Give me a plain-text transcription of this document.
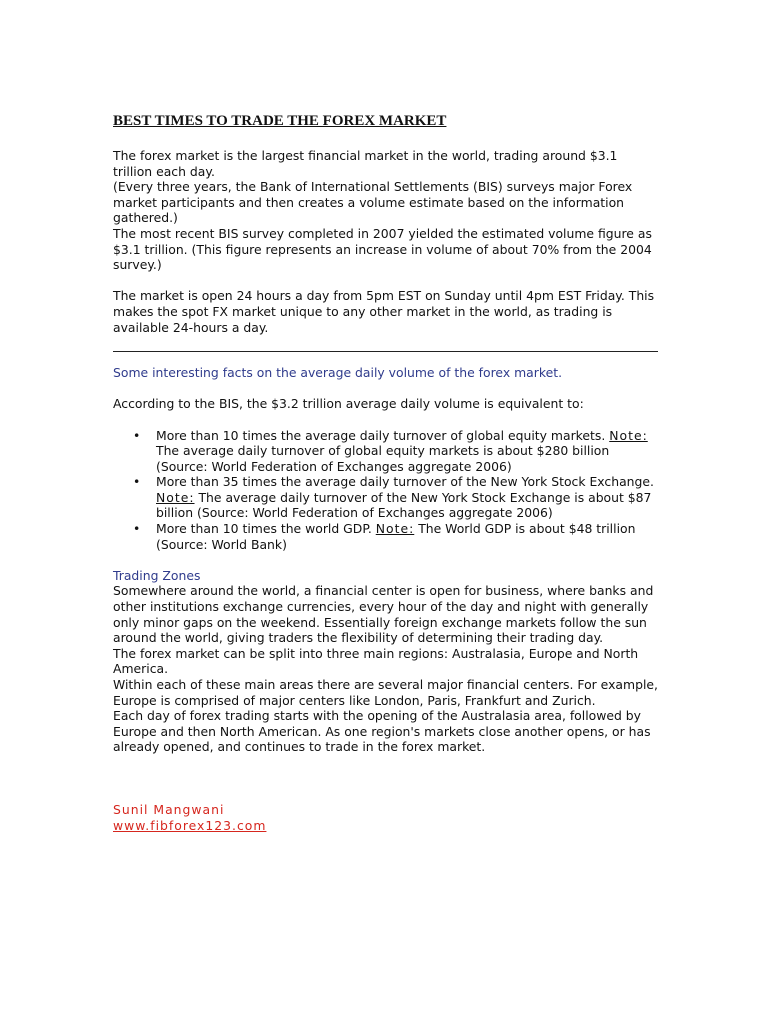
BEST TIMES TO TRADE THE FOREX MARKET

The forex market is the largest financial market in the world, trading around $3.1 trillion each day.

(Every three years, the Bank of International Settlements (BIS) surveys major Forex market participants and then creates a volume estimate based on the information gathered.)

The most recent BIS survey completed in 2007 yielded the estimated volume figure as $3.1 trillion. (This figure represents an increase in volume of about 70% from the 2004 survey.)

The market is open 24 hours a day from 5pm EST on Sunday until 4pm EST Friday. This makes the spot FX market unique to any other market in the world, as trading is available 24-hours a day.

Some interesting facts on the average daily volume of the forex market.

According to the BIS, the $3.2 trillion average daily volume is equivalent to:

• More than 10 times the average daily turnover of global equity markets. Note: The average daily turnover of global equity markets is about $280 billion (Source: World Federation of Exchanges aggregate 2006)
• More than 35 times the average daily turnover of the New York Stock Exchange. Note: The average daily turnover of the New York Stock Exchange is about $87 billion (Source: World Federation of Exchanges aggregate 2006)
• More than 10 times the world GDP. Note: The World GDP is about $48 trillion (Source: World Bank)

Trading Zones

Somewhere around the world, a financial center is open for business, where banks and other institutions exchange currencies, every hour of the day and night with generally only minor gaps on the weekend. Essentially foreign exchange markets follow the sun around the world, giving traders the flexibility of determining their trading day.

The forex market can be split into three main regions: Australasia, Europe and North America.

Within each of these main areas there are several major financial centers. For example, Europe is comprised of major centers like London, Paris, Frankfurt and Zurich.

Each day of forex trading starts with the opening of the Australasia area, followed by Europe and then North American. As one region's markets close another opens, or has already opened, and continues to trade in the forex market.

Sunil Mangwani

www.fibforex123.com
